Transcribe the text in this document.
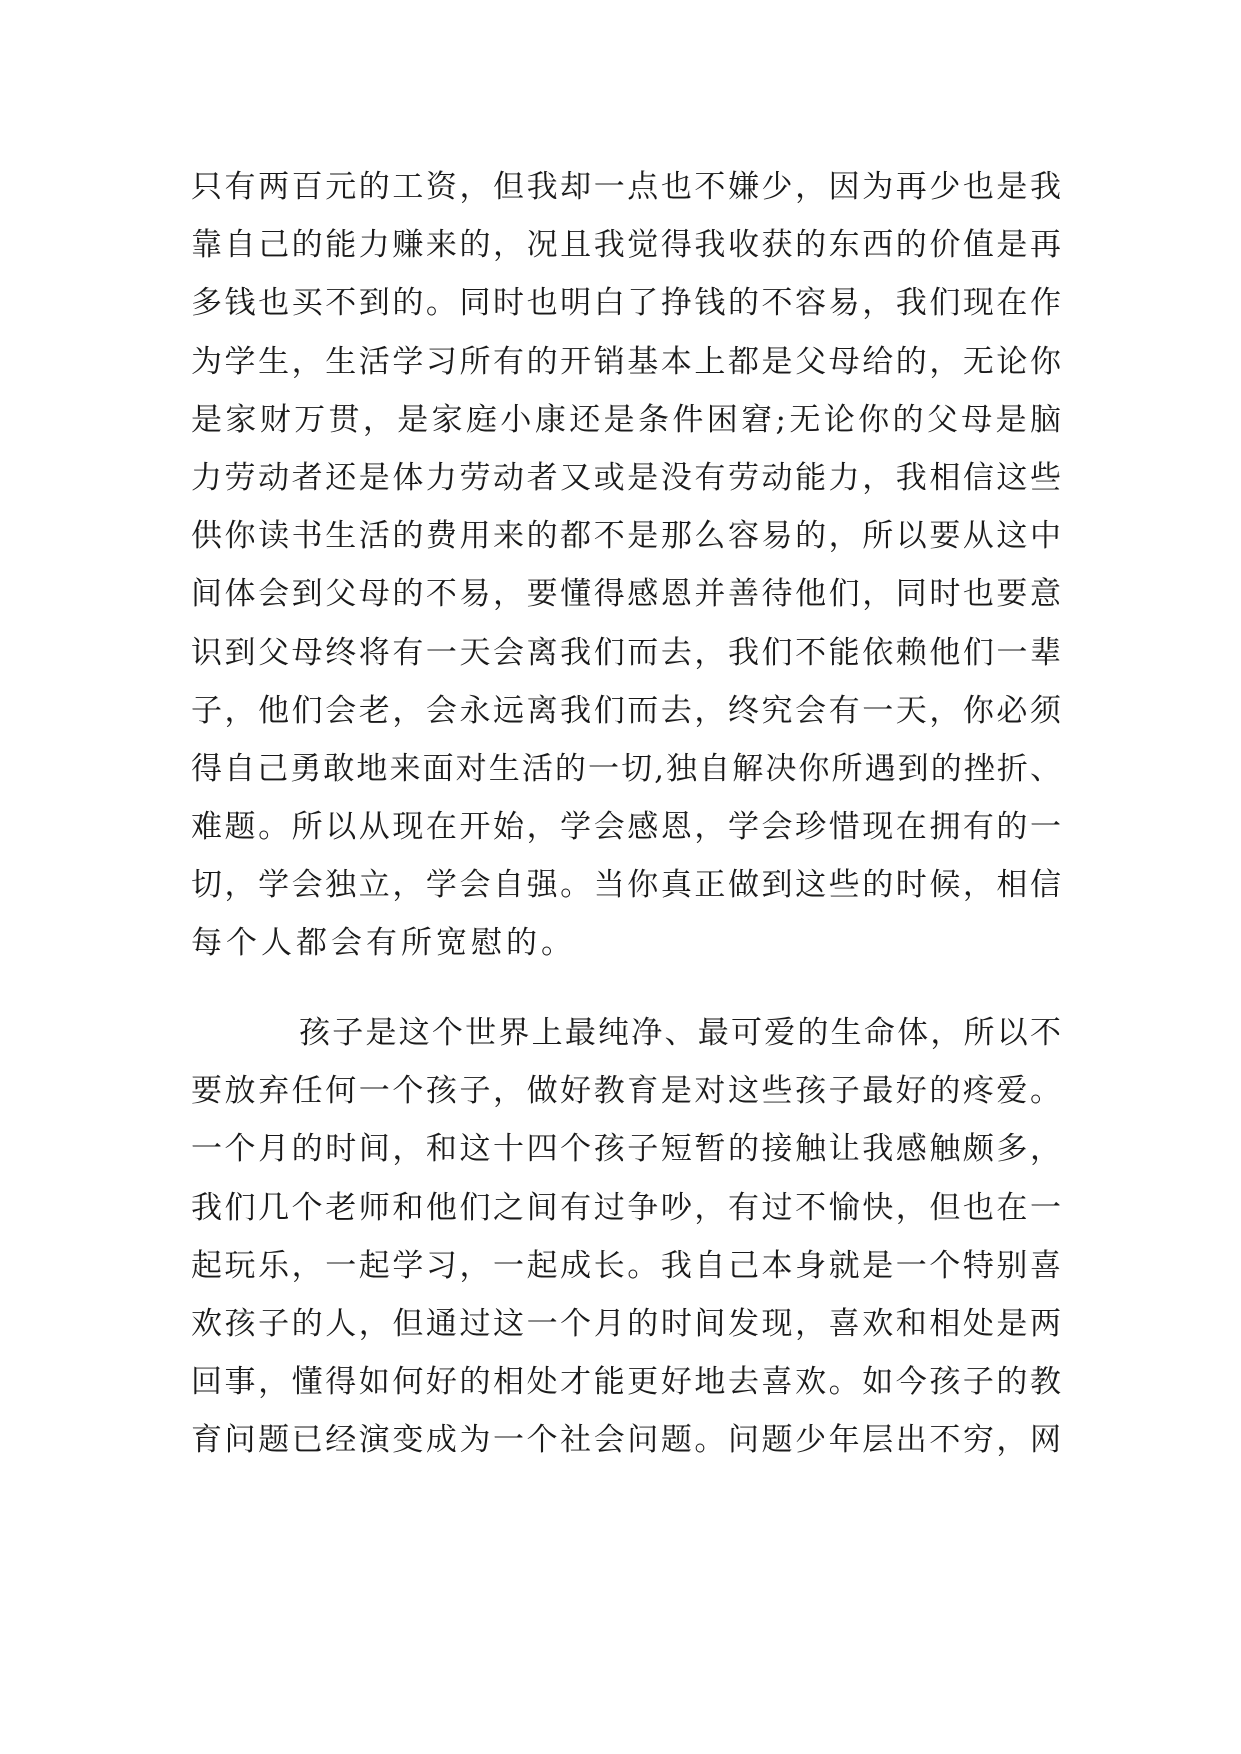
只有两百元的工资，但我却一点也不嫌少，因为再少也是我
靠自己的能力赚来的，况且我觉得我收获的东西的价值是再
多钱也买不到的。同时也明白了挣钱的不容易，我们现在作
为学生，生活学习所有的开销基本上都是父母给的，无论你
是家财万贯，是家庭小康还是条件困窘;无论你的父母是脑
力劳动者还是体力劳动者又或是没有劳动能力，我相信这些
供你读书生活的费用来的都不是那么容易的，所以要从这中
间体会到父母的不易，要懂得感恩并善待他们，同时也要意
识到父母终将有一天会离我们而去，我们不能依赖他们一辈
子，他们会老，会永远离我们而去，终究会有一天，你必须
得自己勇敢地来面对生活的一切,独自解决你所遇到的挫折、
难题。所以从现在开始，学会感恩，学会珍惜现在拥有的一
切，学会独立，学会自强。当你真正做到这些的时候，相信
每个人都会有所宽慰的。
孩子是这个世界上最纯净、最可爱的生命体，所以不
要放弃任何一个孩子，做好教育是对这些孩子最好的疼爱。
一个月的时间，和这十四个孩子短暂的接触让我感触颇多，
我们几个老师和他们之间有过争吵，有过不愉快，但也在一
起玩乐，一起学习，一起成长。我自己本身就是一个特别喜
欢孩子的人，但通过这一个月的时间发现，喜欢和相处是两
回事，懂得如何好的相处才能更好地去喜欢。如今孩子的教
育问题已经演变成为一个社会问题。问题少年层出不穷，网
